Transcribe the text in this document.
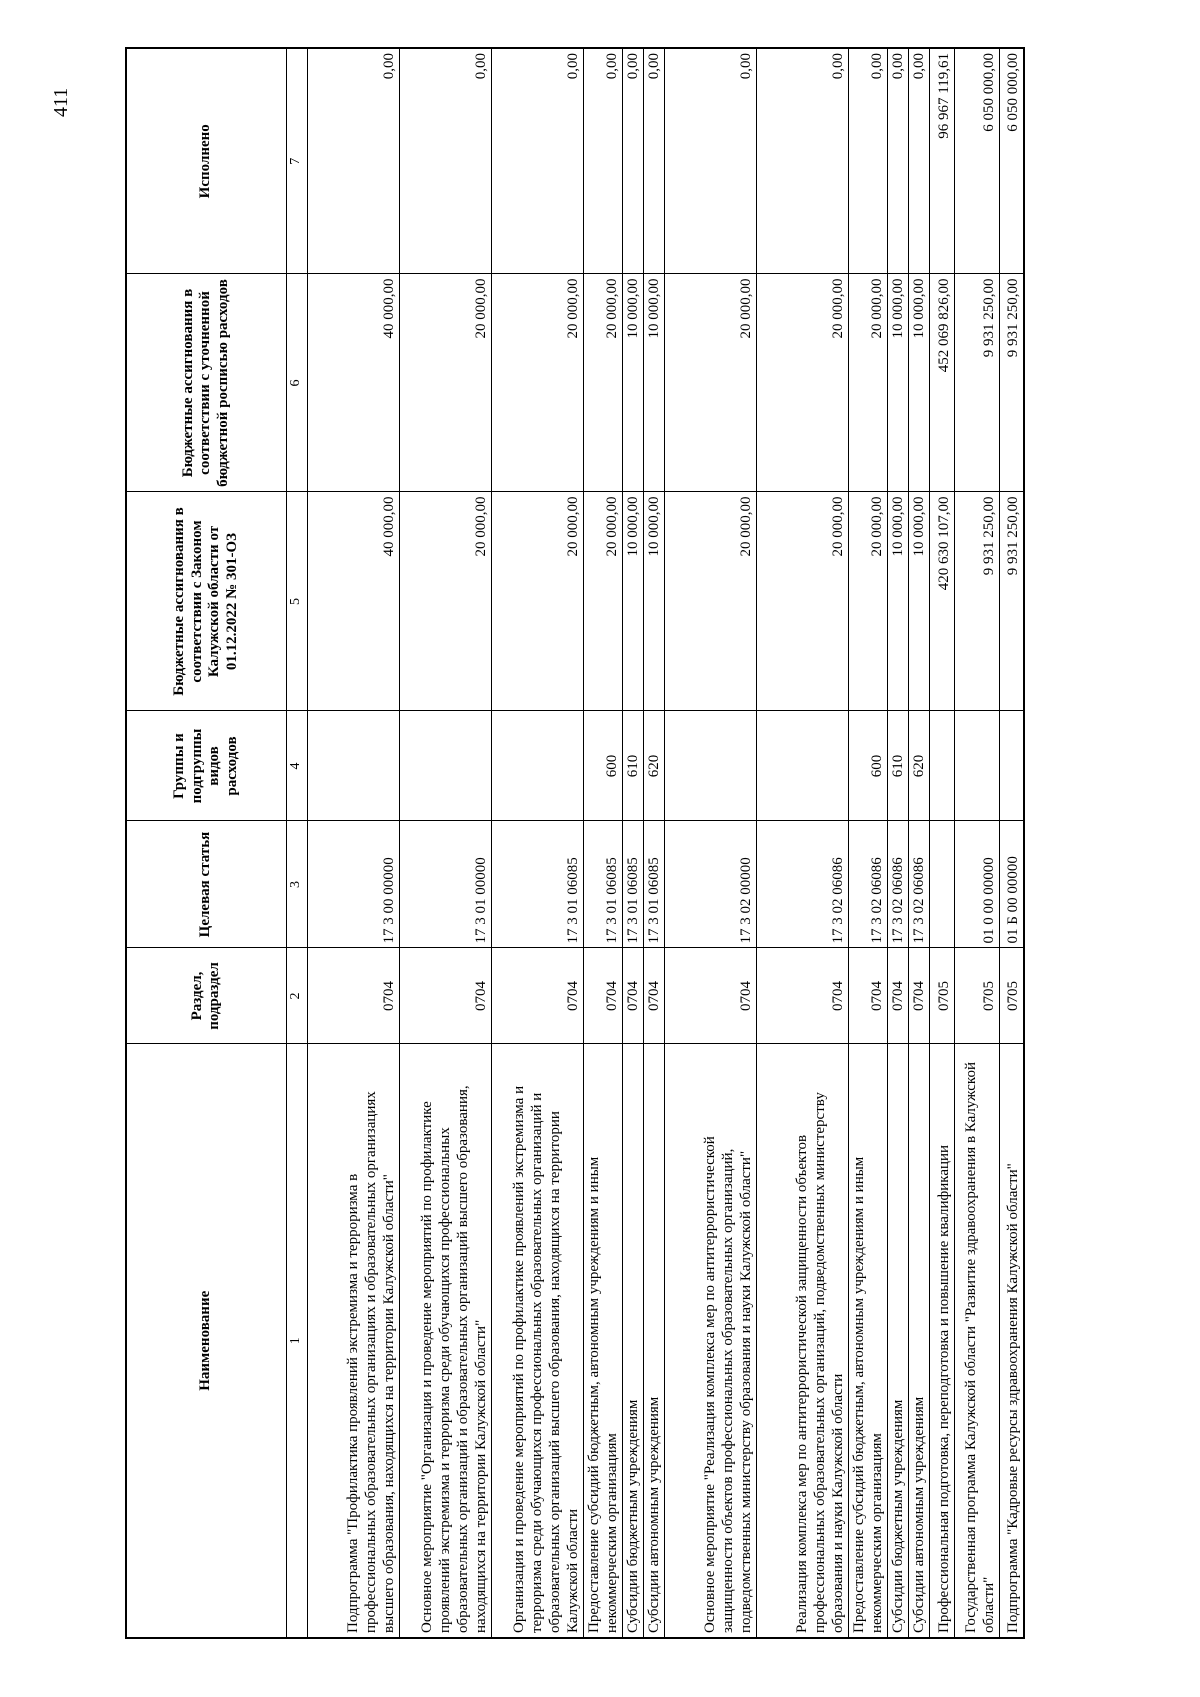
411
Наименование	Раздел, подраздел	Целевая статья	Группы и подгруппы видов расходов	Бюджетные ассигнования в соответствии с Законом Калужской области от 01.12.2022 № 301-ОЗ	Бюджетные ассигнования в соответствии с уточненной бюджетной росписью расходов	Исполнено
1	2	3	4	5	6	7
Подпрограмма "Профилактика проявлений экстремизма и терроризма в профессиональных образовательных организациях и образовательных организациях высшего образования, находящихся на территории Калужской области"	0704	17 3 00 00000		40 000,00	40 000,00	0,00
Основное мероприятие "Организация и проведение мероприятий по профилактике проявлений экстремизма и терроризма среди обучающихся профессиональных образовательных организаций и образовательных организаций высшего образования, находящихся на территории Калужской области"	0704	17 3 01 00000		20 000,00	20 000,00	0,00
Организация и проведение мероприятий по профилактике проявлений экстремизма и терроризма среди обучающихся профессиональных образовательных организаций и образовательных организаций высшего образования, находящихся на территории Калужской области	0704	17 3 01 06085		20 000,00	20 000,00	0,00
Предоставление субсидий бюджетным, автономным учреждениям и иным некоммерческим организациям	0704	17 3 01 06085	600	20 000,00	20 000,00	0,00
Субсидии бюджетным учреждениям	0704	17 3 01 06085	610	10 000,00	10 000,00	0,00
Субсидии автономным учреждениям	0704	17 3 01 06085	620	10 000,00	10 000,00	0,00
Основное мероприятие "Реализация комплекса мер по антитеррористической защищенности объектов профессиональных образовательных организаций, подведомственных министерству образования и науки Калужской области"	0704	17 3 02 00000		20 000,00	20 000,00	0,00
Реализация комплекса мер по антитеррористической защищенности объектов профессиональных образовательных организаций, подведомственных министерству образования и науки Калужской области	0704	17 3 02 06086		20 000,00	20 000,00	0,00
Предоставление субсидий бюджетным, автономным учреждениям и иным некоммерческим организациям	0704	17 3 02 06086	600	20 000,00	20 000,00	0,00
Субсидии бюджетным учреждениям	0704	17 3 02 06086	610	10 000,00	10 000,00	0,00
Субсидии автономным учреждениям	0704	17 3 02 06086	620	10 000,00	10 000,00	0,00
Профессиональная подготовка, переподготовка и повышение квалификации	0705			420 630 107,00	452 069 826,00	96 967 119,61
Государственная программа Калужской области "Развитие здравоохранения в Калужской области"	0705	01 0 00 00000		9 931 250,00	9 931 250,00	6 050 000,00
Подпрограмма "Кадровые ресурсы здравоохранения Калужской области"	0705	01 Б 00 00000		9 931 250,00	9 931 250,00	6 050 000,00
